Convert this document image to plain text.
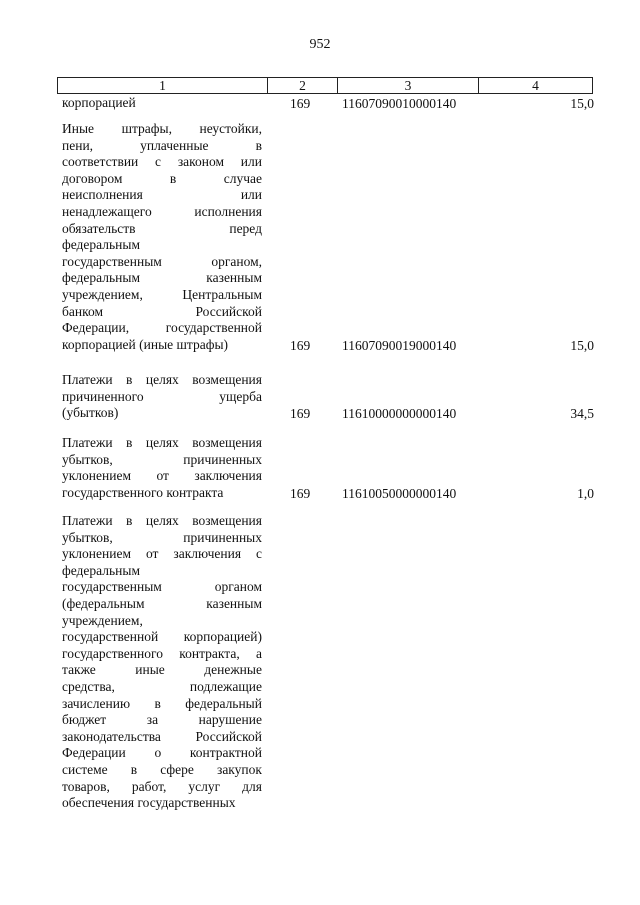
952
1	2	3	4
корпорацией	169	11607090010000140	15,0
Иные штрафы, неустойки,
пени,	уплаченные	в
соответствии с законом или
договором	в	случае
неисполнения	или
ненадлежащего	исполнения
обязательств	перед
федеральным
государственным	органом,
федеральным	казенным
учреждением,	Центральным
банком	Российской
Федерации,	государственной
корпорацией (иные штрафы)	169	11607090019000140	15,0
Платежи в целях возмещения
причиненного	ущерба
(убытков)	169	11610000000000140	34,5
Платежи в целях возмещения
убытков,	причиненных
уклонением от заключения
государственного контракта	169	11610050000000140	1,0
Платежи в целях возмещения
убытков,	причиненных
уклонением от заключения с
федеральным
государственным	органом
(федеральным	казенным
учреждением,
государственной корпорацией)
государственного контракта, а
также	иные	денежные
средства,	подлежащие
зачислению в федеральный
бюджет	за	нарушение
законодательства	Российской
Федерации о контрактной
системе в сфере закупок
товаров, работ, услуг для
обеспечения государственных
